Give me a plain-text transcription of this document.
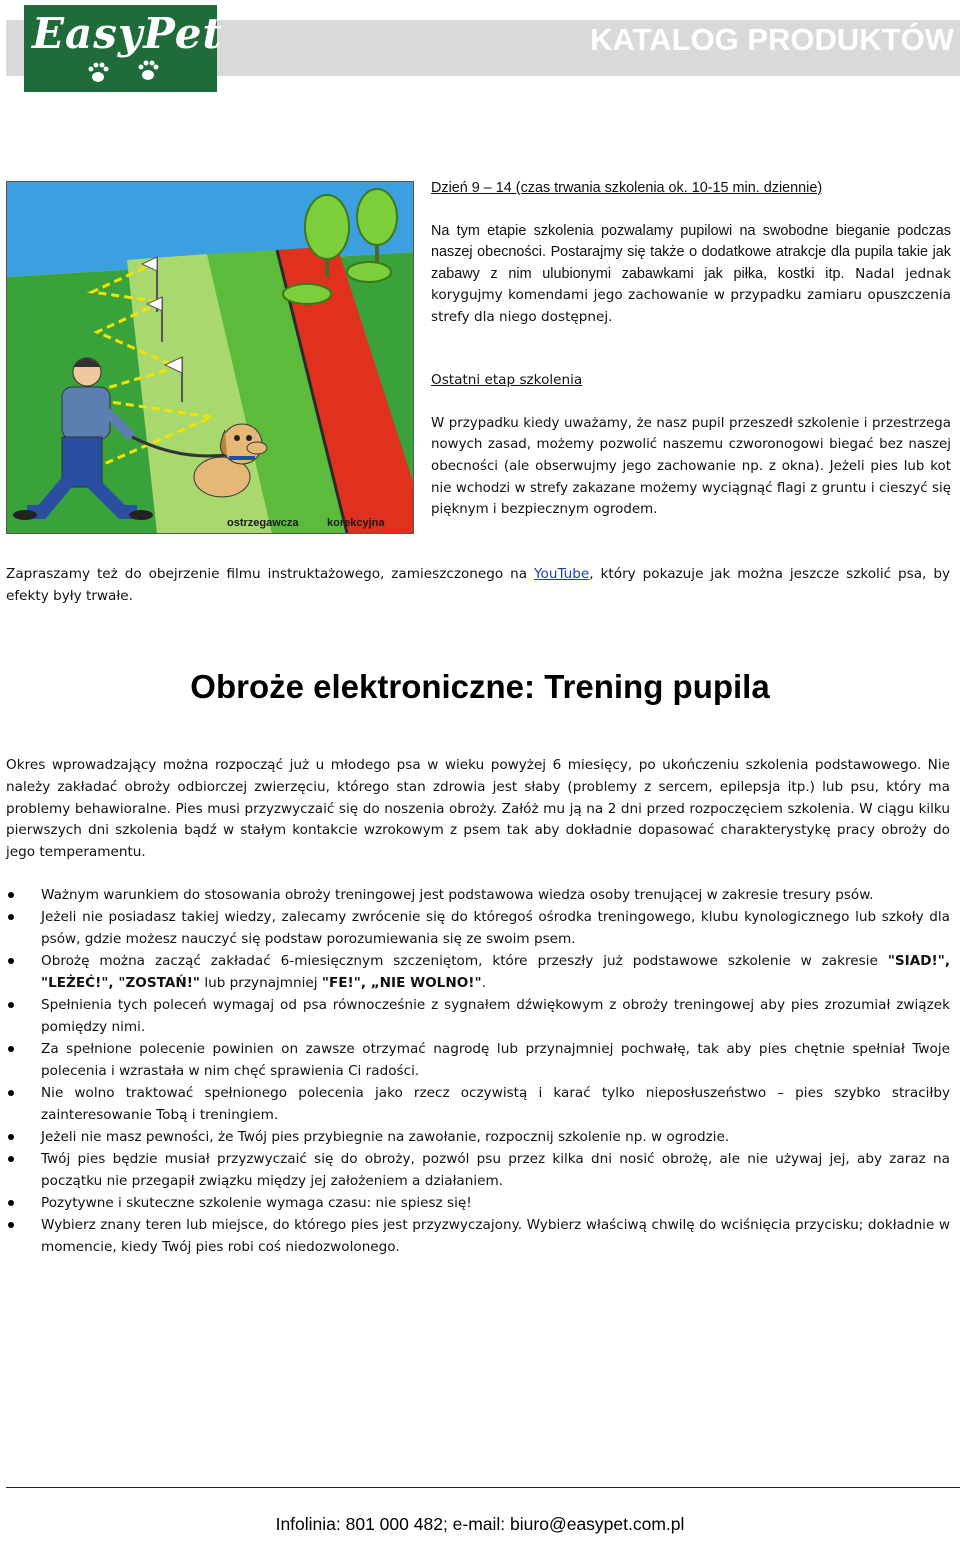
EasyPet	KATALOG PRODUKTÓW
ostrzegawcza	korekcyjna

Dzień 9 – 14 (czas trwania szkolenia ok. 10-15 min. dziennie)

Na tym etapie szkolenia pozwalamy pupilowi na swobodne bieganie podczas naszej obecności. Postarajmy się także o dodatkowe atrakcje dla pupila takie jak zabawy z nim ulubionymi zabawkami jak piłka, kostki itp. Nadal jednak korygujmy komendami jego zachowanie w przypadku zamiaru opuszczenia strefy dla niego dostępnej.

Ostatni etap szkolenia

W przypadku kiedy uważamy, że nasz pupil przeszedł szkolenie i przestrzega nowych zasad, możemy pozwolić naszemu czworonogowi biegać bez naszej obecności (ale obserwujmy jego zachowanie np. z okna). Jeżeli pies lub kot nie wchodzi w strefy zakazane możemy wyciągnąć flagi z gruntu i cieszyć się pięknym i bezpiecznym ogrodem.

Zapraszamy też do obejrzenie filmu instruktażowego, zamieszczonego na YouTube, który pokazuje jak można jeszcze szkolić psa, by efekty były trwałe.
Obroże elektroniczne: Trening pupila
Okres wprowadzający można rozpocząć już u młodego psa w wieku powyżej 6 miesięcy, po ukończeniu szkolenia podstawowego. Nie należy zakładać obroży odbiorczej zwierzęciu, którego stan zdrowia jest słaby (problemy z sercem, epilepsja itp.) lub psu, który ma problemy behawioralne. Pies musi przyzwyczaić się do noszenia obroży. Załóż mu ją na 2 dni przed rozpoczęciem szkolenia. W ciągu kilku pierwszych dni szkolenia bądź w stałym kontakcie wzrokowym z psem tak aby dokładnie dopasować charakterystykę pracy obroży do jego temperamentu.
Ważnym warunkiem do stosowania obroży treningowej jest podstawowa wiedza osoby trenującej w zakresie tresury psów.
Jeżeli nie posiadasz takiej wiedzy, zalecamy zwrócenie się do któregoś ośrodka treningowego, klubu kynologicznego lub szkoły dla psów, gdzie możesz nauczyć się podstaw porozumiewania się ze swoim psem.
Obrożę można zacząć zakładać 6-miesięcznym szczeniętom, które przeszły już podstawowe szkolenie w zakresie "SIAD!", "LEŻEĆ!", "ZOSTAŃ!" lub przynajmniej "FE!", „NIE WOLNO!".
Spełnienia tych poleceń wymagaj od psa równocześnie z sygnałem dźwiękowym z obroży treningowej aby pies zrozumiał związek pomiędzy nimi.
Za spełnione polecenie powinien on zawsze otrzymać nagrodę lub przynajmniej pochwałę, tak aby pies chętnie spełniał Twoje polecenia i wzrastała w nim chęć sprawienia Ci radości.
Nie wolno traktować spełnionego polecenia jako rzecz oczywistą i karać tylko nieposłuszeństwo – pies szybko straciłby zainteresowanie Tobą i treningiem.
Jeżeli nie masz pewności, że Twój pies przybiegnie na zawołanie, rozpocznij szkolenie np. w ogrodzie.
Twój pies będzie musiał przyzwyczaić się do obroży, pozwól psu przez kilka dni nosić obrożę, ale nie używaj jej, aby zaraz na początku nie przegapił związku między jej założeniem a działaniem.
Pozytywne i skuteczne szkolenie wymaga czasu: nie spiesz się!
Wybierz znany teren lub miejsce, do którego pies jest przyzwyczajony. Wybierz właściwą chwilę do wciśnięcia przycisku; dokładnie w momencie, kiedy Twój pies robi coś niedozwolonego.
Infolinia: 801 000 482; e-mail: biuro@easypet.com.pl
